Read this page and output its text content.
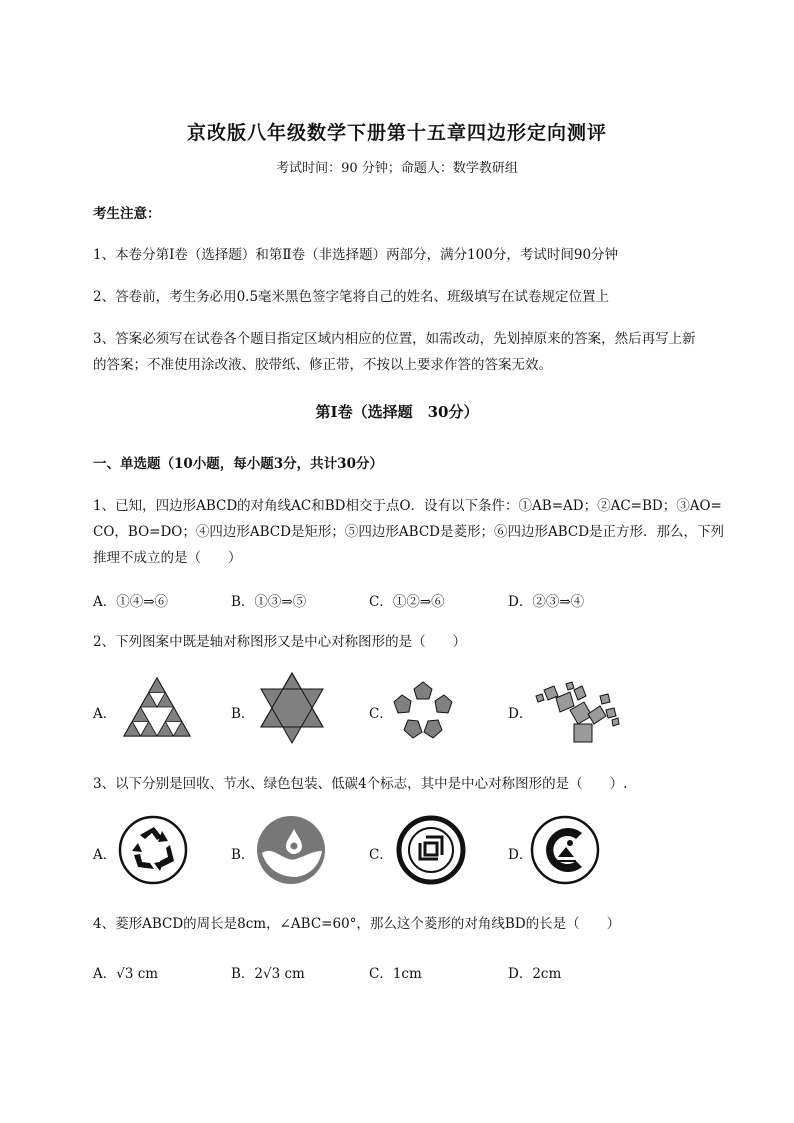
京改版八年级数学下册第十五章四边形定向测评
考试时间：90 分钟；命题人：数学教研组
考生注意：
1、本卷分第I卷（选择题）和第Ⅱ卷（非选择题）两部分，满分100分，考试时间90分钟
2、答卷前，考生务必用0.5毫米黑色签字笔将自己的姓名、班级填写在试卷规定位置上
3、答案必须写在试卷各个题目指定区域内相应的位置，如需改动，先划掉原来的答案，然后再写上新
的答案；不准使用涂改液、胶带纸、修正带，不按以上要求作答的答案无效。
第I卷（选择题　30分）
一、单选题（10小题，每小题3分，共计30分）
1、已知，四边形ABCD的对角线AC和BD相交于点O．设有以下条件：①AB=AD；②AC=BD；③AO=
CO，BO=DO；④四边形ABCD是矩形；⑤四边形ABCD是菱形；⑥四边形ABCD是正方形．那么，下列
推理不成立的是（　　）
A．①④⇒⑥	B．①③⇒⑤	C．①②⇒⑥	D．②③⇒④
2、下列图案中既是轴对称图形又是中心对称图形的是（　　）
A．	B．	C．	D．
3、以下分别是回收、节水、绿色包装、低碳4个标志，其中是中心对称图形的是（　　）.
A．	B．	C．	D．
4、菱形ABCD的周长是8cm，∠ABC=60°，那么这个菱形的对角线BD的长是（　　）
A．√3 cm	B．2√3 cm	C．1cm	D．2cm
